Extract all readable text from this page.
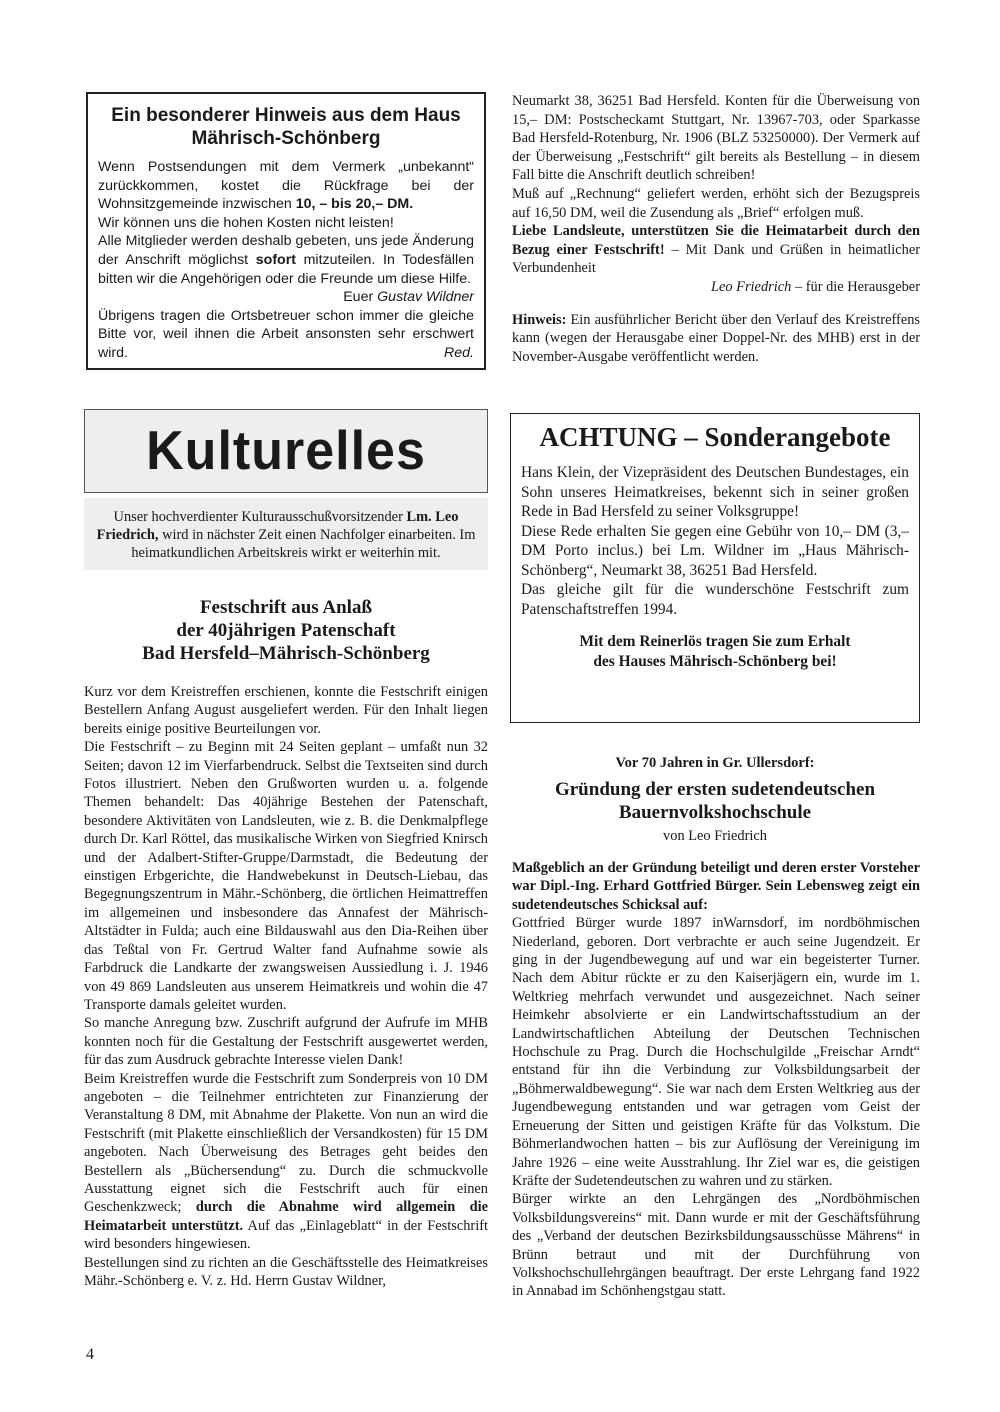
Ein besonderer Hinweis aus dem Haus Mährisch-Schönberg

Wenn Postsendungen mit dem Vermerk „unbekannt“ zurückkommen, kostet die Rückfrage bei der Wohnsitzgemeinde inzwischen 10, – bis 20,– DM.

Wir können uns die hohen Kosten nicht leisten!

Alle Mitglieder werden deshalb gebeten, uns jede Änderung der Anschrift möglichst sofort mitzuteilen. In Todesfällen bitten wir die Angehörigen oder die Freunde um diese Hilfe.
Euer Gustav Wildner

Übrigens tragen die Ortsbetreuer schon immer die gleiche Bitte vor, weil ihnen die Arbeit ansonsten sehr erschwert wird.	Red.

Neumarkt 38, 36251 Bad Hersfeld. Konten für die Überweisung von 15,– DM: Postscheckamt Stuttgart, Nr. 13967-703, oder Sparkasse Bad Hersfeld-Rotenburg, Nr. 1906 (BLZ 53250000). Der Vermerk auf der Überweisung „Festschrift“ gilt bereits als Bestellung – in diesem Fall bitte die Anschrift deutlich schreiben!

Muß auf „Rechnung“ geliefert werden, erhöht sich der Bezugspreis auf 16,50 DM, weil die Zusendung als „Brief“ erfolgen muß.

Liebe Landsleute, unterstützen Sie die Heimatarbeit durch den Bezug einer Festschrift! – Mit Dank und Grüßen in heimatlicher Verbundenheit

Leo Friedrich – für die Herausgeber

Hinweis: Ein ausführlicher Bericht über den Verlauf des Kreistreffens kann (wegen der Herausgabe einer Doppel-Nr. des MHB) erst in der November-Ausgabe veröffentlicht werden.

Kulturelles
Unser hochverdienter Kulturausschußvorsitzender Lm. Leo Friedrich, wird in nächster Zeit einen Nachfolger einarbeiten. Im heimatkundlichen Arbeitskreis wirkt er weiterhin mit.
Festschrift aus Anlaß
der 40jährigen Patenschaft
Bad Hersfeld–Mährisch-Schönberg

Kurz vor dem Kreistreffen erschienen, konnte die Festschrift einigen Bestellern Anfang August ausgeliefert werden. Für den Inhalt liegen bereits einige positive Beurteilungen vor.

Die Festschrift – zu Beginn mit 24 Seiten geplant – umfaßt nun 32 Seiten; davon 12 im Vierfarbendruck. Selbst die Textseiten sind durch Fotos illustriert. Neben den Grußworten wurden u. a. folgende Themen behandelt: Das 40jährige Bestehen der Patenschaft, besondere Aktivitäten von Landsleuten, wie z. B. die Denkmalpflege durch Dr. Karl Röttel, das musikalische Wirken von Siegfried Knirsch und der Adalbert-Stifter-Gruppe/Darmstadt, die Bedeutung der einstigen Erbgerichte, die Handwebekunst in Deutsch-Liebau, das Begegnungszentrum in Mähr.-Schönberg, die örtlichen Heimattreffen im allgemeinen und insbesondere das Annafest der Mährisch-Altstädter in Fulda; auch eine Bildauswahl aus den Dia-Reihen über das Teßtal von Fr. Gertrud Walter fand Aufnahme sowie als Farbdruck die Landkarte der zwangsweisen Aussiedlung i. J. 1946 von 49 869 Landsleuten aus unserem Heimatkreis und wohin die 47 Transporte damals geleitet wurden.

So manche Anregung bzw. Zuschrift aufgrund der Aufrufe im MHB konnten noch für die Gestaltung der Festschrift ausgewertet werden, für das zum Ausdruck gebrachte Interesse vielen Dank!

Beim Kreistreffen wurde die Festschrift zum Sonderpreis von 10 DM angeboten – die Teilnehmer entrichteten zur Finanzierung der Veranstaltung 8 DM, mit Abnahme der Plakette. Von nun an wird die Festschrift (mit Plakette einschließlich der Versandkosten) für 15 DM angeboten. Nach Überweisung des Betrages geht beides den Bestellern als „Büchersendung“ zu. Durch die schmuckvolle Ausstattung eignet sich die Festschrift auch für einen Geschenkzweck; durch die Abnahme wird allgemein die Heimatarbeit unterstützt. Auf das „Einlageblatt“ in der Festschrift wird besonders hingewiesen.

Bestellungen sind zu richten an die Geschäftsstelle des Heimatkreises Mähr.-Schönberg e. V. z. Hd. Herrn Gustav Wildner,

ACHTUNG – Sonderangebote

Hans Klein, der Vizepräsident des Deutschen Bundestages, ein Sohn unseres Heimatkreises, bekennt sich in seiner großen Rede in Bad Hersfeld zu seiner Volksgruppe!

Diese Rede erhalten Sie gegen eine Gebühr von 10,– DM (3,– DM Porto inclus.) bei Lm. Wildner im „Haus Mährisch-Schönberg“, Neumarkt 38, 36251 Bad Hersfeld.

Das gleiche gilt für die wunderschöne Festschrift zum Patenschaftstreffen 1994.

Mit dem Reinerlös tragen Sie zum Erhalt
des Hauses Mährisch-Schönberg bei!
Vor 70 Jahren in Gr. Ullersdorf:
Gründung der ersten sudetendeutschen
Bauernvolkshochschule
von Leo Friedrich

Maßgeblich an der Gründung beteiligt und deren erster Vorsteher war Dipl.-Ing. Erhard Gottfried Bürger. Sein Lebensweg zeigt ein sudetendeutsches Schicksal auf:

Gottfried Bürger wurde 1897 inWarnsdorf, im nordböhmischen Niederland, geboren. Dort verbrachte er auch seine Jugendzeit. Er ging in der Jugendbewegung auf und war ein begeisterter Turner. Nach dem Abitur rückte er zu den Kaiserjägern ein, wurde im 1. Weltkrieg mehrfach verwundet und ausgezeichnet. Nach seiner Heimkehr absolvierte er ein Landwirtschaftsstudium an der Landwirtschaftlichen Abteilung der Deutschen Technischen Hochschule zu Prag. Durch die Hochschulgilde „Freischar Arndt“ entstand für ihn die Verbindung zur Volksbildungsarbeit der „Böhmerwaldbewegung“. Sie war nach dem Ersten Weltkrieg aus der Jugendbewegung entstanden und war getragen vom Geist der Erneuerung der Sitten und geistigen Kräfte für das Volkstum. Die Böhmerlandwochen hatten – bis zur Auflösung der Vereinigung im Jahre 1926 – eine weite Ausstrahlung. Ihr Ziel war es, die geistigen Kräfte der Sudetendeutschen zu wahren und zu stärken.

Bürger wirkte an den Lehrgängen des „Nordböhmischen Volksbildungsvereins“ mit. Dann wurde er mit der Geschäftsführung des „Verband der deutschen Bezirksbildungsausschüsse Mährens“ in Brünn betraut und mit der Durchführung von Volkshochschullehrgängen beauftragt. Der erste Lehrgang fand 1922 in Annabad im Schönhengstgau statt.

4
